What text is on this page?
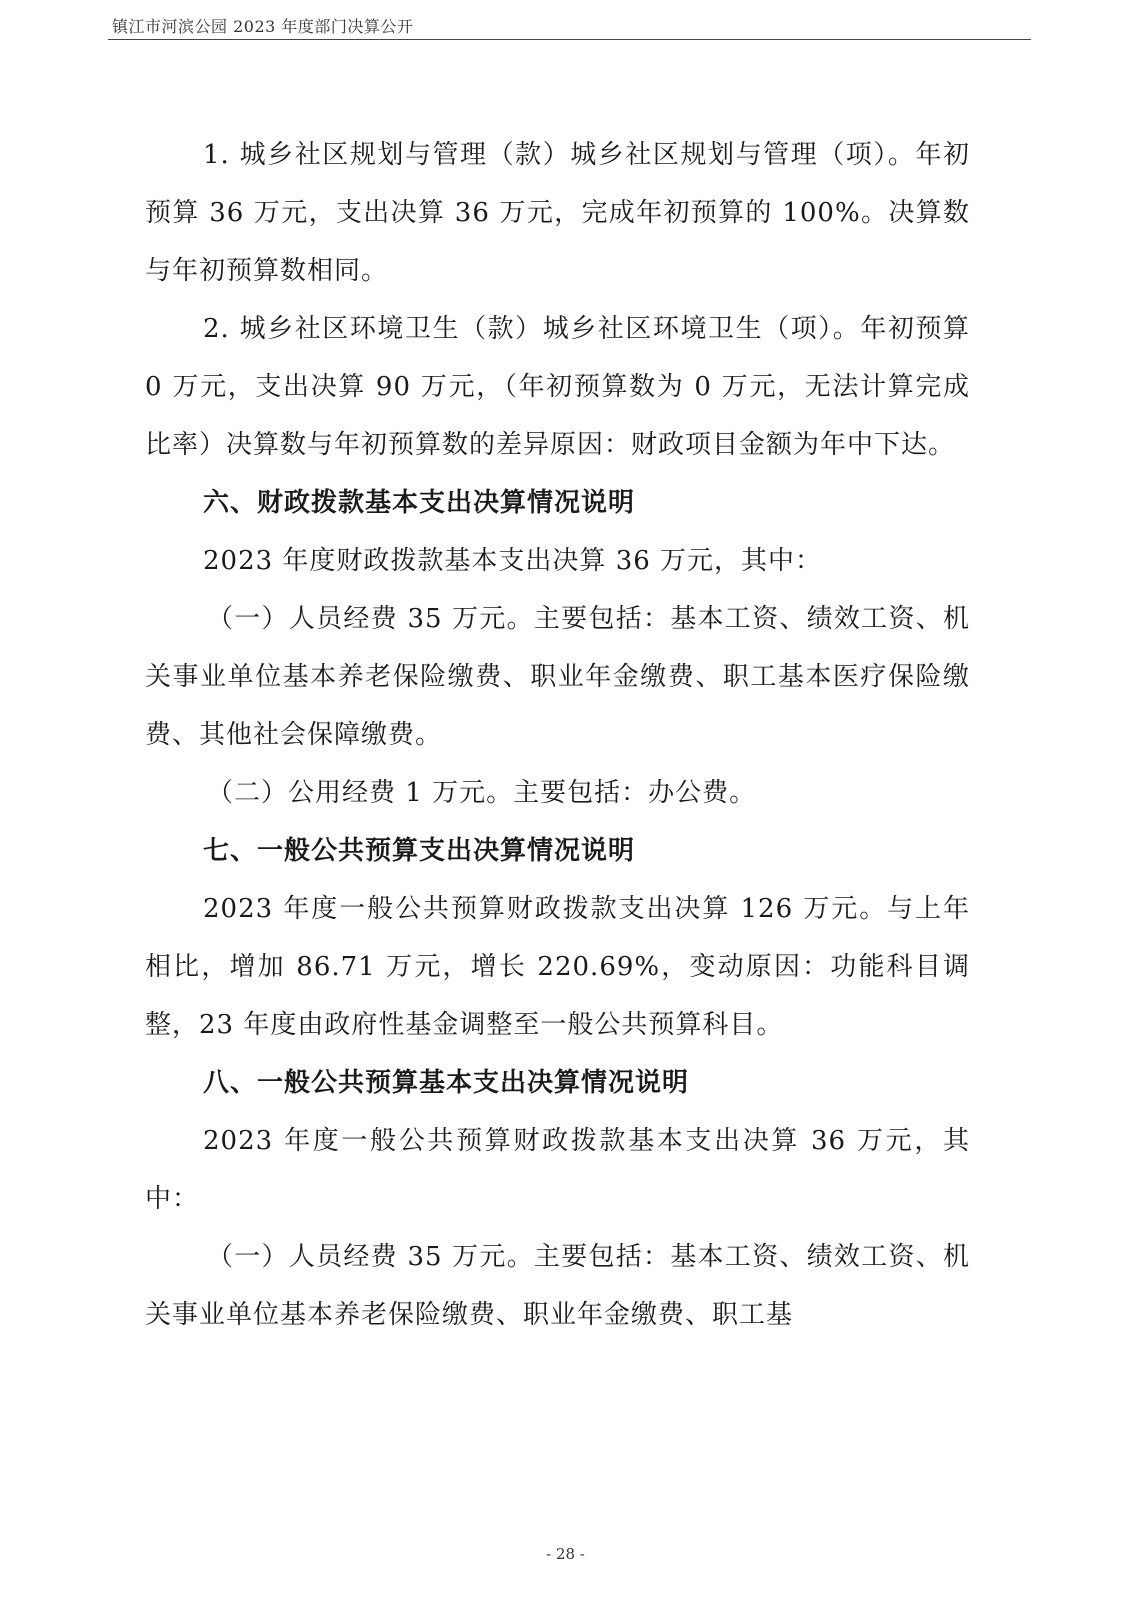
镇江市河滨公园 2023 年度部门决算公开

1. 城乡社区规划与管理（款）城乡社区规划与管理（项）。年初预算 36 万元，支出决算 36 万元，完成年初预算的 100%。决算数与年初预算数相同。

2. 城乡社区环境卫生（款）城乡社区环境卫生（项）。年初预算 0 万元，支出决算 90 万元，（年初预算数为 0 万元，无法计算完成比率）决算数与年初预算数的差异原因：财政项目金额为年中下达。

六、财政拨款基本支出决算情况说明

2023 年度财政拨款基本支出决算 36 万元，其中：

（一）人员经费 35 万元。主要包括：基本工资、绩效工资、机关事业单位基本养老保险缴费、职业年金缴费、职工基本医疗保险缴费、其他社会保障缴费。

（二）公用经费 1 万元。主要包括：办公费。

七、一般公共预算支出决算情况说明

2023 年度一般公共预算财政拨款支出决算 126 万元。与上年相比，增加 86.71 万元，增长 220.69%，变动原因：功能科目调整，23 年度由政府性基金调整至一般公共预算科目。

八、一般公共预算基本支出决算情况说明

2023 年度一般公共预算财政拨款基本支出决算 36 万元，其中：

（一）人员经费 35 万元。主要包括：基本工资、绩效工资、机关事业单位基本养老保险缴费、职业年金缴费、职工基

- 28 -
